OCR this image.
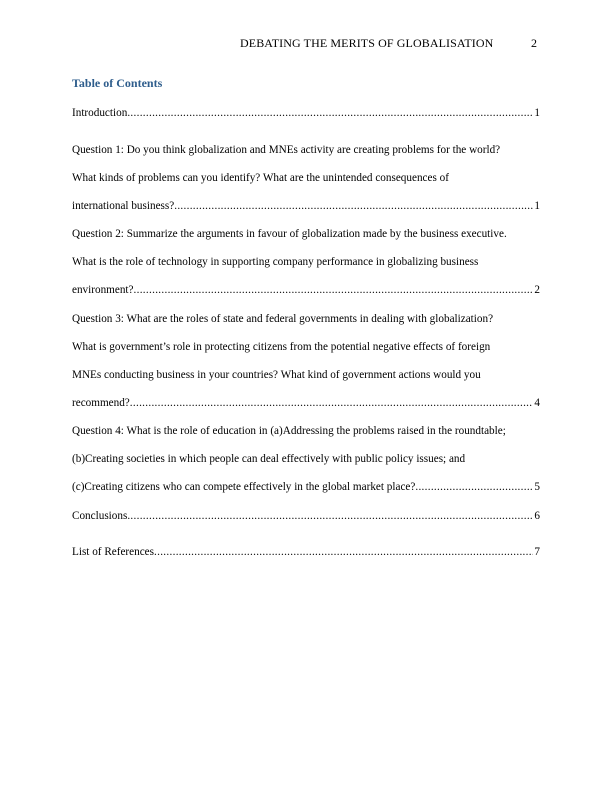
DEBATING THE MERITS OF GLOBALISATION	2
Table of Contents
Introduction .....	1
Question 1: Do you think globalization and MNEs activity are creating problems for the world?
What kinds of problems can you identify? What are the unintended consequences of
international business? .....	1
Question 2: Summarize the arguments in favour of globalization made by the business executive.
What is the role of technology in supporting company performance in globalizing business
environment? .....	2
Question 3: What are the roles of state and federal governments in dealing with globalization?
What is government’s role in protecting citizens from the potential negative effects of foreign
MNEs conducting business in your countries? What kind of government actions would you
recommend? .....	4
Question 4: What is the role of education in (a)Addressing the problems raised in the roundtable;
(b)Creating societies in which people can deal effectively with public policy issues; and
(c)Creating citizens who can compete effectively in the global market place? .....	5
Conclusions .....	6
List of References .....	7
